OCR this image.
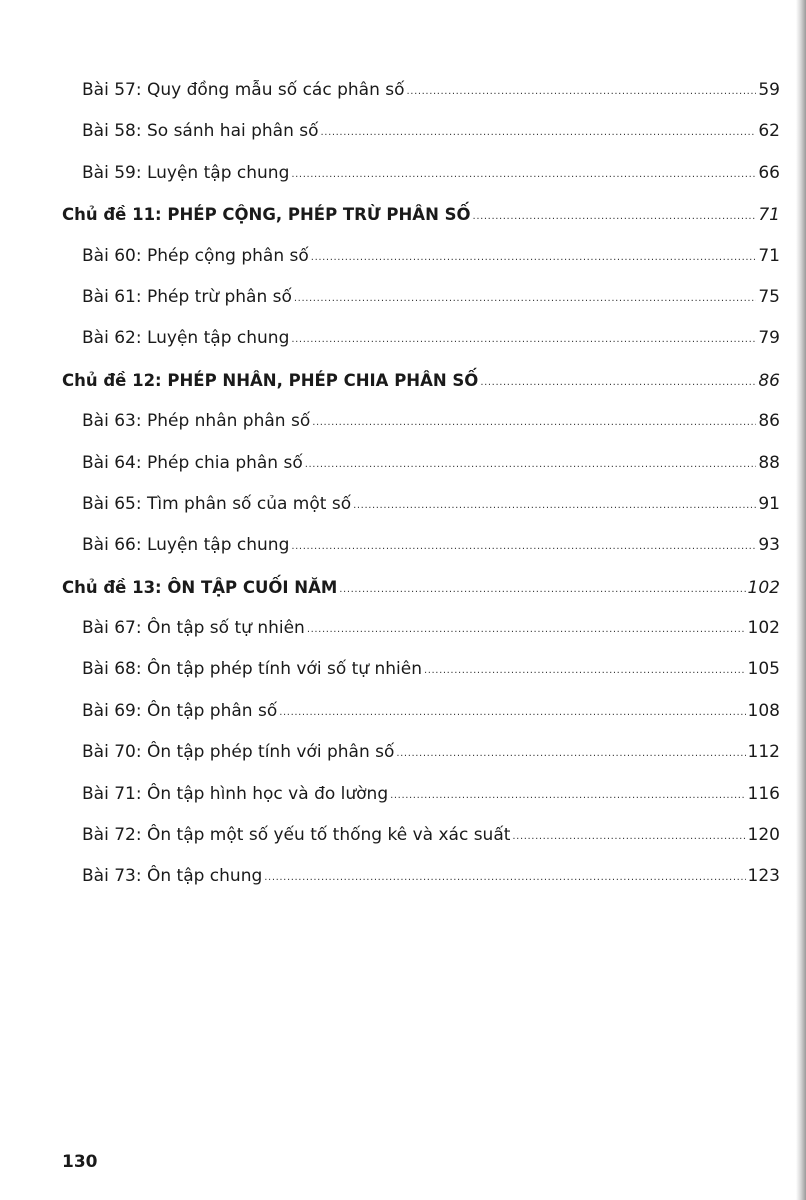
Bài 57: Quy đồng mẫu số các phân số .....	59
Bài 58: So sánh hai phân số .....	62
Bài 59: Luyện tập chung .....	66
Chủ đề 11: PHÉP CỘNG, PHÉP TRỪ PHÂN SỐ .....	71
Bài 60: Phép cộng phân số .....	71
Bài 61: Phép trừ phân số .....	75
Bài 62: Luyện tập chung .....	79
Chủ đề 12: PHÉP NHÂN, PHÉP CHIA PHÂN SỐ .....	86
Bài 63: Phép nhân phân số .....	86
Bài 64: Phép chia phân số .....	88
Bài 65: Tìm phân số của một số .....	91
Bài 66: Luyện tập chung .....	93
Chủ đề 13: ÔN TẬP CUỐI NĂM .....	102
Bài 67: Ôn tập số tự nhiên .....	102
Bài 68: Ôn tập phép tính với số tự nhiên .....	105
Bài 69: Ôn tập phân số .....	108
Bài 70: Ôn tập phép tính với phân số .....	112
Bài 71: Ôn tập hình học và đo lường .....	116
Bài 72: Ôn tập một số yếu tố thống kê và xác suất .....	120
Bài 73: Ôn tập chung .....	123
130
